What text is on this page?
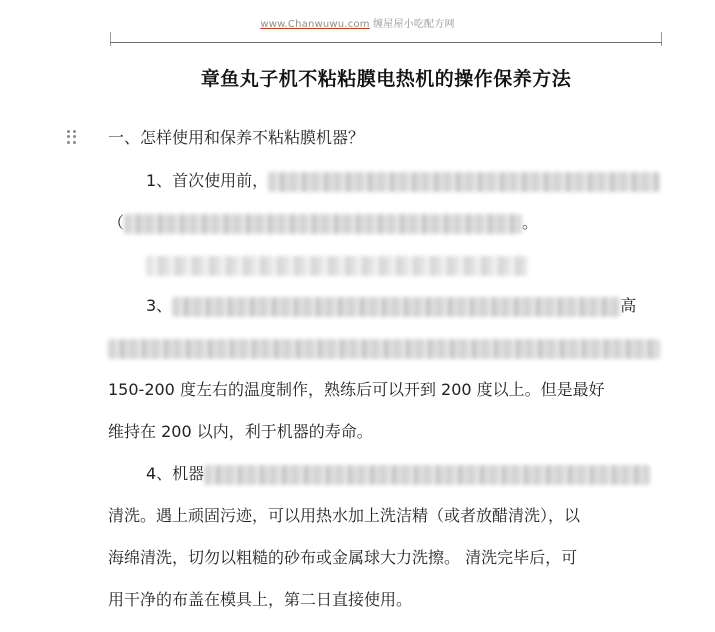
www.Chanwuwu.com 缠屋屋小吃配方网
章鱼丸子机不粘粘膜电热机的操作保养方法
一、怎样使用和保养不粘粘膜机器？
1、首次使用前，
（	。
3、	高
150-200 度左右的温度制作，熟练后可以开到 200 度以上。但是最好
维持在 200 以内，利于机器的寿命。
4、机器
清洗。遇上顽固污迹，可以用热水加上洗洁精（或者放醋清洗），以
海绵清洗，切勿以粗糙的砂布或金属球大力洗擦。 清洗完毕后，可
用干净的布盖在模具上，第二日直接使用。
